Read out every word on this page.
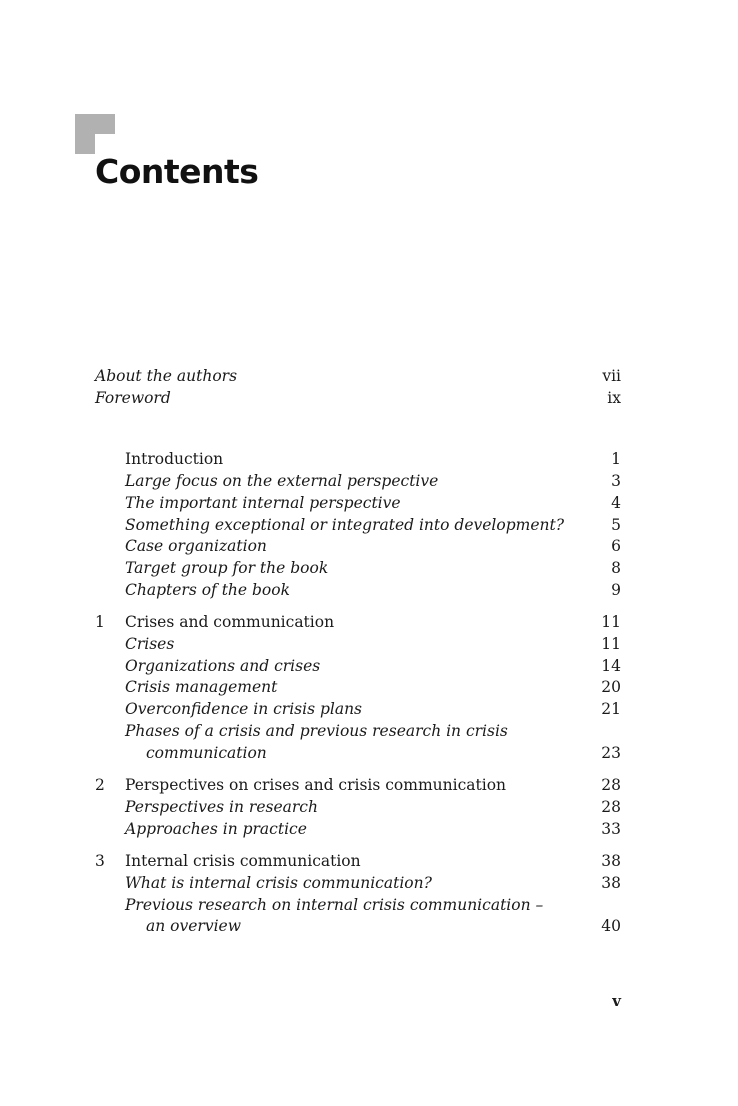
Contents
About the authors	vii
Foreword	ix
Introduction	1
Large focus on the external perspective	3
The important internal perspective	4
Something exceptional or integrated into development?	5
Case organization	6
Target group for the book	8
Chapters of the book	9
1	Crises and communication	11
Crises	11
Organizations and crises	14
Crisis management	20
Overconfidence in crisis plans	21
Phases of a crisis and previous research in crisis
communication	23
2	Perspectives on crises and crisis communication	28
Perspectives in research	28
Approaches in practice	33
3	Internal crisis communication	38
What is internal crisis communication?	38
Previous research on internal crisis communication –
an overview	40
v
